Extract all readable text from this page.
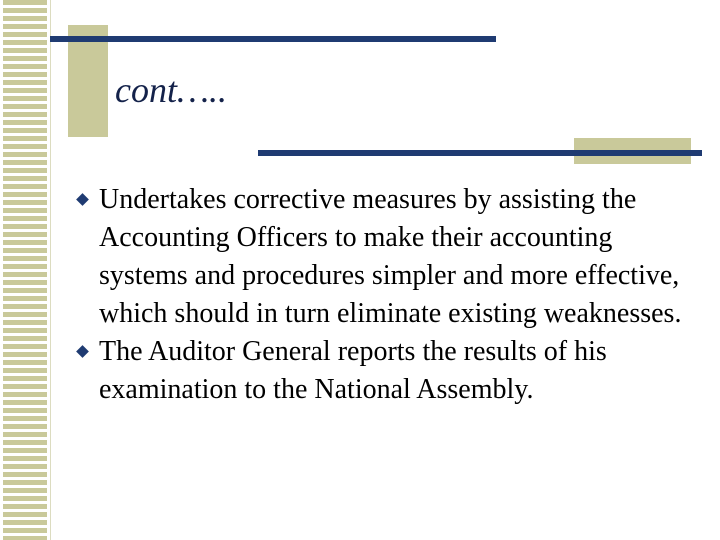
cont…..
Undertakes corrective measures by assisting the Accounting Officers to make their accounting systems and procedures simpler and more effective, which should in turn eliminate existing weaknesses.
The Auditor General reports the results of his examination to the National Assembly.
